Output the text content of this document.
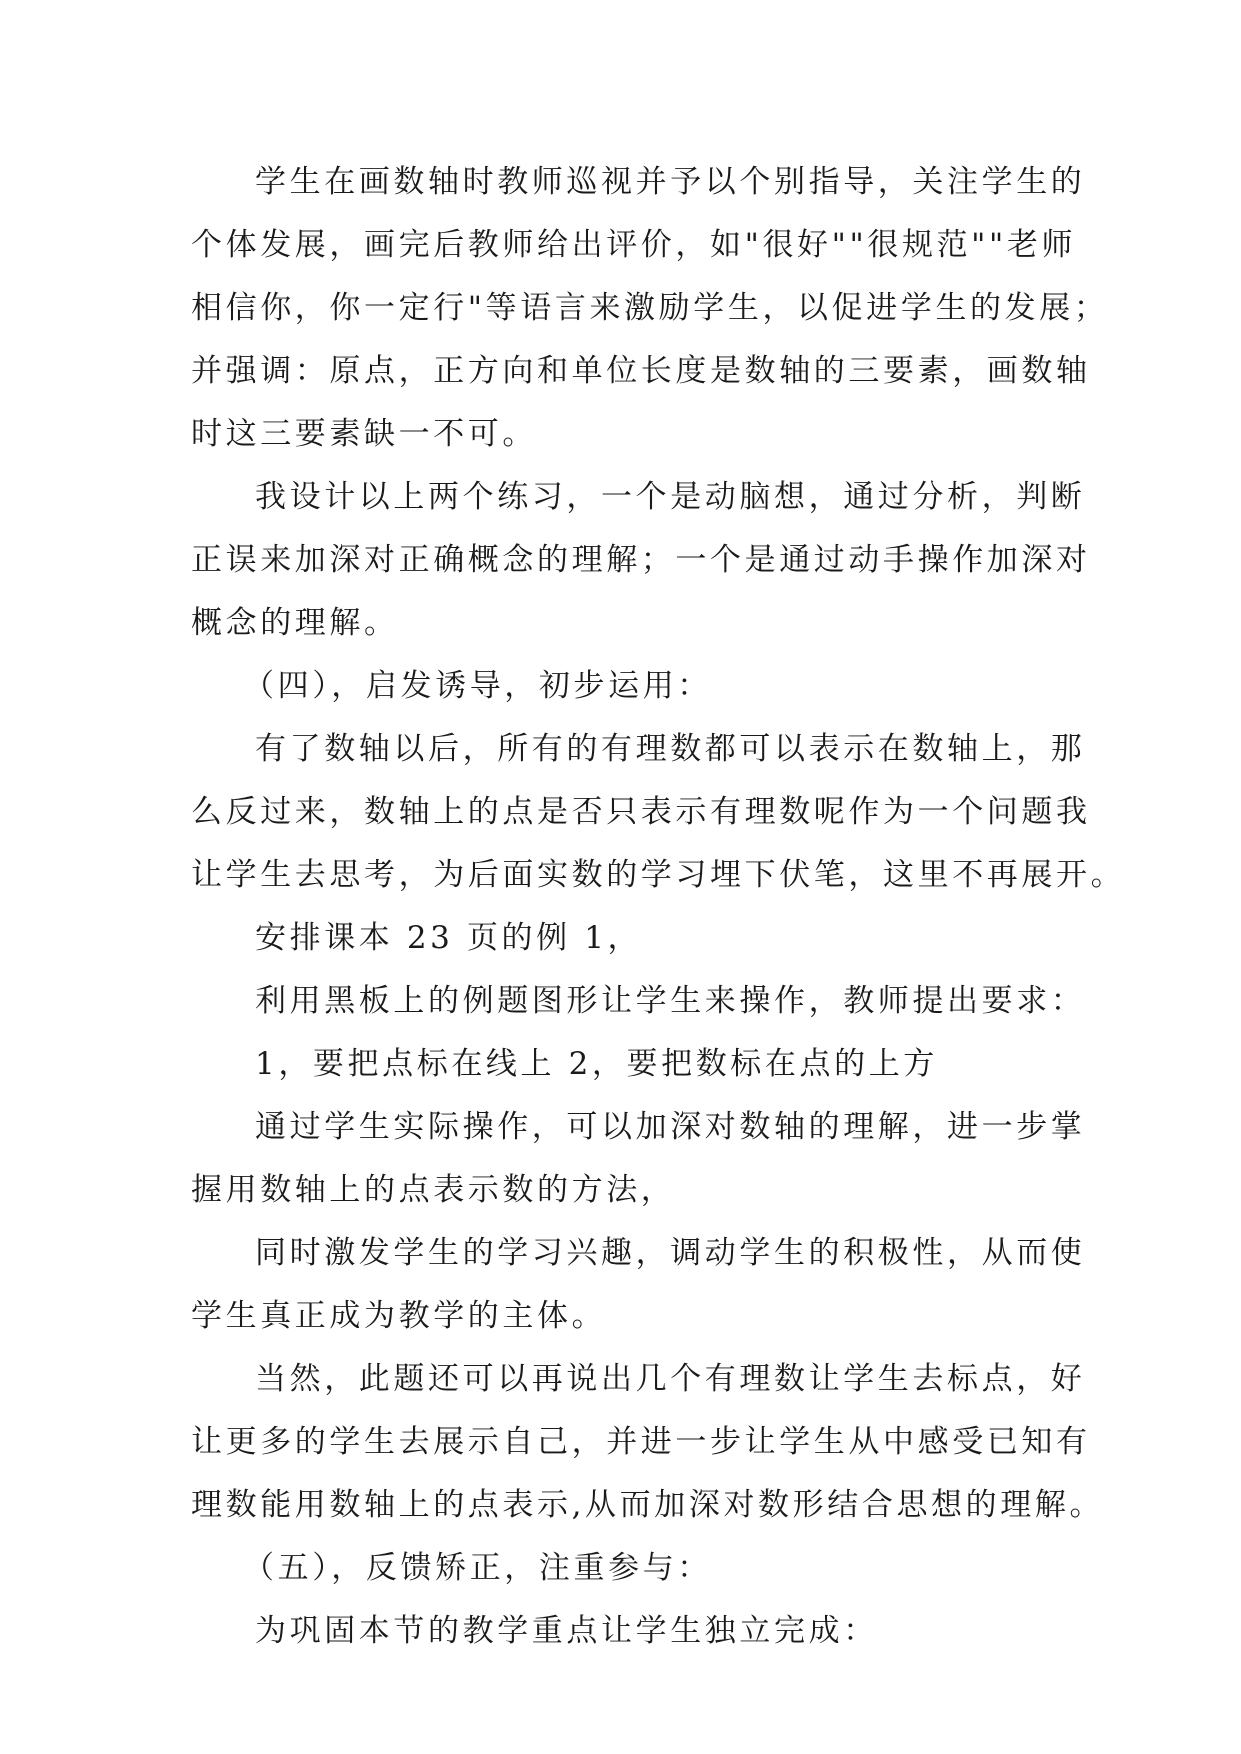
学生在画数轴时教师巡视并予以个别指导，关注学生的
个体发展，画完后教师给出评价，如"很好""很规范""老师
相信你，你一定行"等语言来激励学生，以促进学生的发展；
并强调：原点，正方向和单位长度是数轴的三要素，画数轴
时这三要素缺一不可。
我设计以上两个练习，一个是动脑想，通过分析，判断
正误来加深对正确概念的理解；一个是通过动手操作加深对
概念的理解。
（四），启发诱导，初步运用：
有了数轴以后，所有的有理数都可以表示在数轴上，那
么反过来，数轴上的点是否只表示有理数呢作为一个问题我
让学生去思考，为后面实数的学习埋下伏笔，这里不再展开。
安排课本 23 页的例 1，
利用黑板上的例题图形让学生来操作，教师提出要求：
1，要把点标在线上 2，要把数标在点的上方
通过学生实际操作，可以加深对数轴的理解，进一步掌
握用数轴上的点表示数的方法，
同时激发学生的学习兴趣，调动学生的积极性，从而使
学生真正成为教学的主体。
当然，此题还可以再说出几个有理数让学生去标点，好
让更多的学生去展示自己，并进一步让学生从中感受已知有
理数能用数轴上的点表示,从而加深对数形结合思想的理解。
（五），反馈矫正，注重参与：
为巩固本节的教学重点让学生独立完成：
